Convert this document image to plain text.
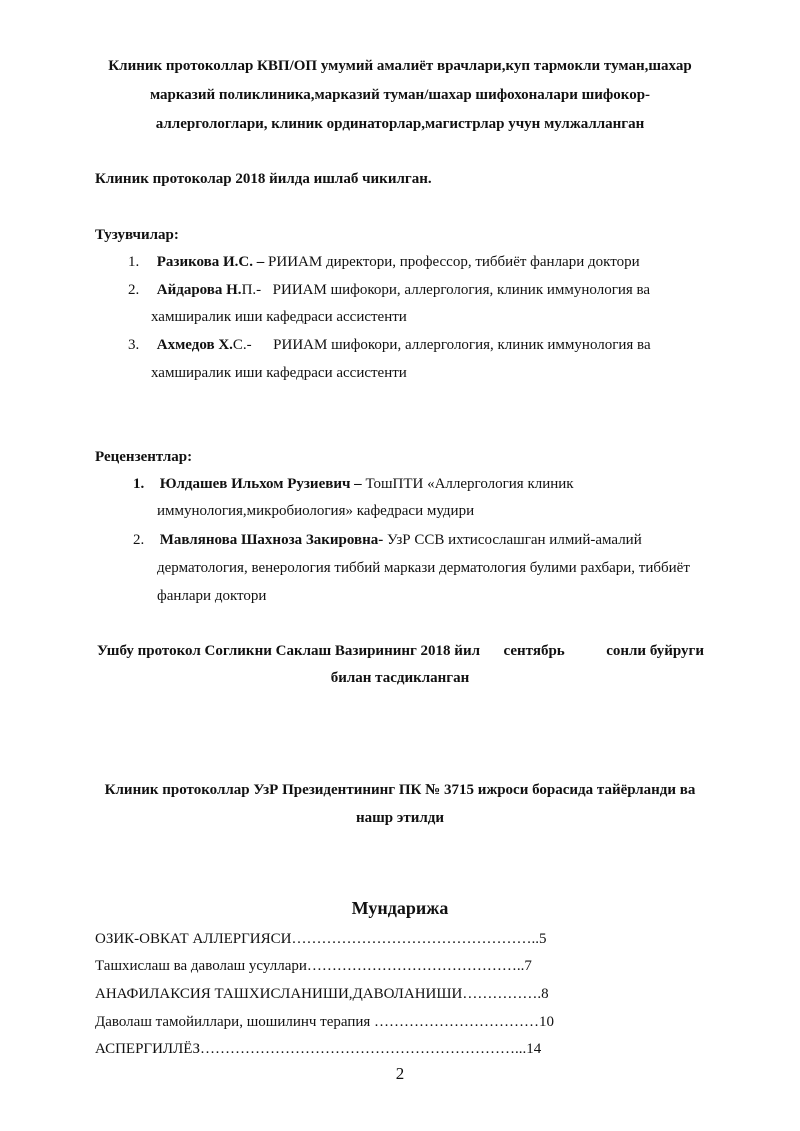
Клиник протоколлар КВП/ОП умумий амалиёт врачлари,куп тармокли туман,шахар
марказий поликлиника,марказий туман/шахар шифохоналари шифокор-
аллергологлари, клиник ординаторлар,магистрлар учун мулжалланган
Клиник протоколар 2018 йилда ишлаб чикилган.
Тузувчилар:
1. Разикова И.С. – РИИАМ директори, профессор, тиббиёт фанлари доктори
2. Айдарова Н.П.- РИИАМ шифокори, аллергология, клиник иммунология ва
хамширалик иши кафедраси ассистенти
3. Ахмедов Х.С.- РИИАМ шифокори, аллергология, клиник иммунология ва
хамширалик иши кафедраси ассистенти
Рецензентлар:
1. Юлдашев Ильхом Рузиевич – ТошПТИ «Аллергология клиник
иммунология,микробиология» кафедраси мудири
2. Мавлянова Шахноза Закировна- УзР ССВ ихтисослашган илмий-амалий
дерматология, венерология тиббий маркази дерматология булими рахбари, тиббиёт
фанлари доктори
Ушбу протокол Согликни Саклаш Вазирининг 2018 йил сентябрь	сонли буйруги
билан тасдикланган
Клиник протоколлар УзР Президентининг ПК № 3715 ижроси борасида тайёрланди ва
нашр этилди
Мундарижа
ОЗИК-ОВКАТ АЛЛЕРГИЯСИ…………………………………………..5
Ташхислаш ва даволаш усуллари……………………………………..7
АНАФИЛАКСИЯ ТАШХИСЛАНИШИ,ДАВОЛАНИШИ…………….8
Даволаш тамойиллари, шошилинч терапия ……………………………10
АСПЕРГИЛЛЁЗ………………………………………………………...14
2
